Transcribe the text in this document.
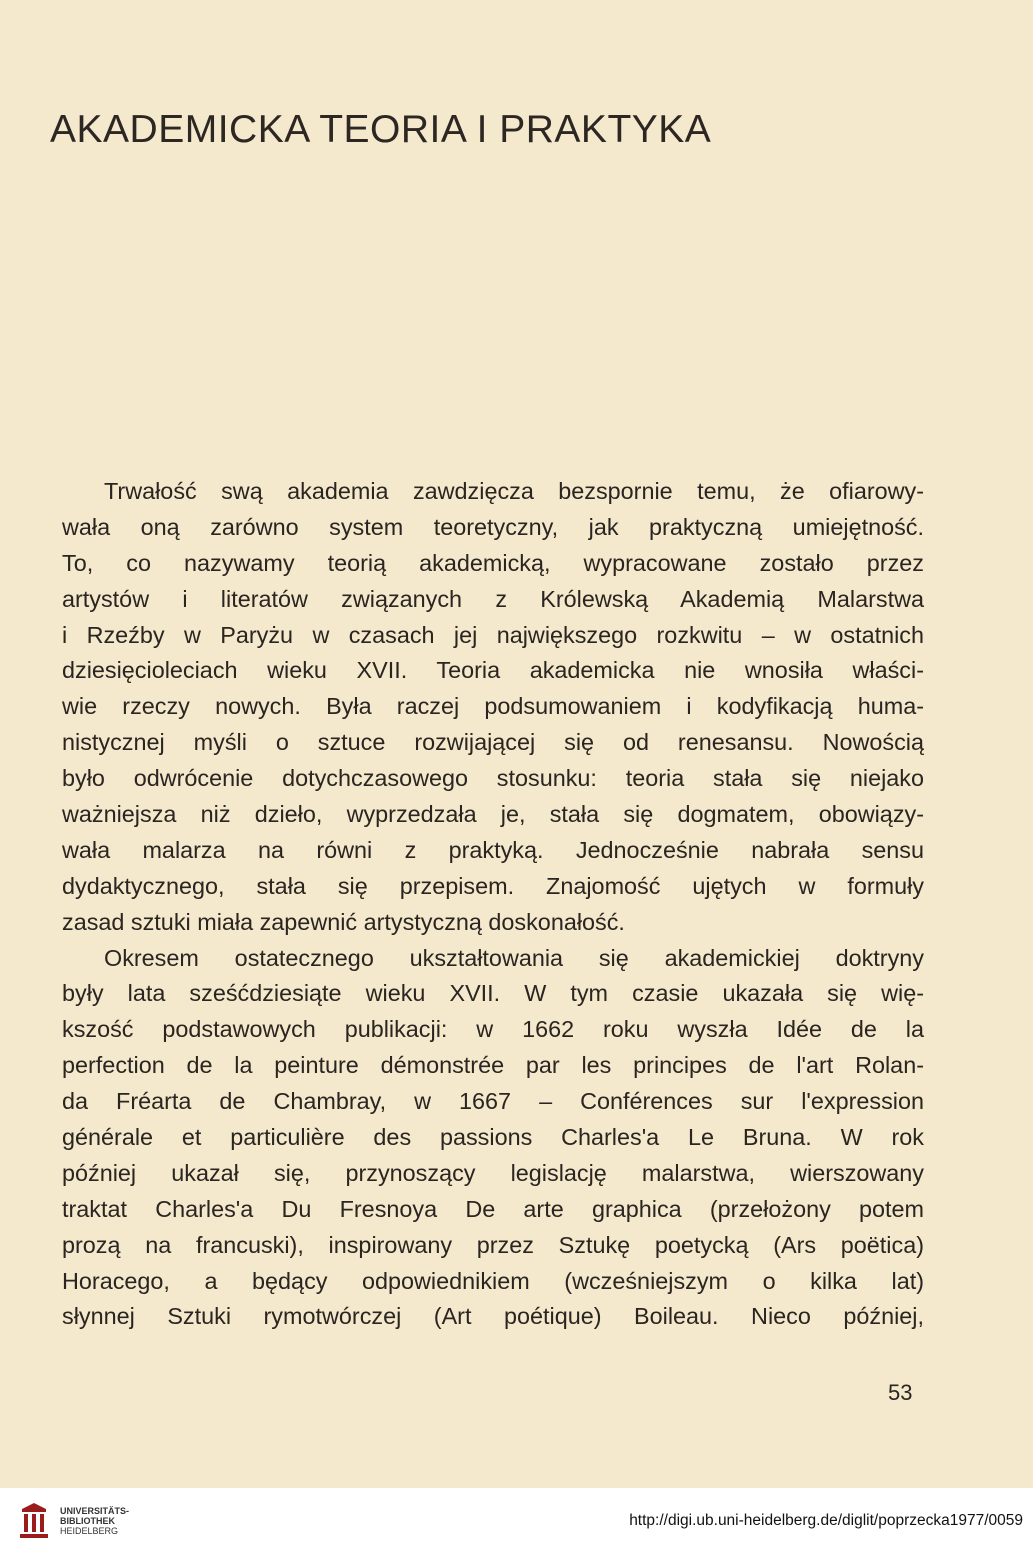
AKADEMICKA TEORIA I PRAKTYKA
Trwałość swą akademia zawdzięcza bezspornie temu, że ofiarowy-
wała oną zarówno system teoretyczny, jak praktyczną umiejętność.
To, co nazywamy teorią akademicką, wypracowane zostało przez
artystów i literatów związanych z Królewską Akademią Malarstwa
i Rzeźby w Paryżu w czasach jej największego rozkwitu – w ostatnich
dziesięcioleciach wieku XVII. Teoria akademicka nie wnosiła właści-
wie rzeczy nowych. Była raczej podsumowaniem i kodyfikacją huma-
nistycznej myśli o sztuce rozwijającej się od renesansu. Nowością
było odwrócenie dotychczasowego stosunku: teoria stała się niejako
ważniejsza niż dzieło, wyprzedzała je, stała się dogmatem, obowiązy-
wała malarza na równi z praktyką. Jednocześnie nabrała sensu
dydaktycznego, stała się przepisem. Znajomość ujętych w formuły
zasad sztuki miała zapewnić artystyczną doskonałość.
Okresem ostatecznego ukształtowania się akademickiej doktryny
były lata sześćdziesiąte wieku XVII. W tym czasie ukazała się wię-
kszość podstawowych publikacji: w 1662 roku wyszła Idée de la
perfection de la peinture démonstrée par les principes de l'art Rolan-
da Fréarta de Chambray, w 1667 – Conférences sur l'expression
générale et particulière des passions Charles'a Le Bruna. W rok
później ukazał się, przynoszący legislację malarstwa, wierszowany
traktat Charles'a Du Fresnoya De arte graphica (przełożony potem
prozą na francuski), inspirowany przez Sztukę poetycką (Ars poëtica)
Horacego, a będący odpowiednikiem (wcześniejszym o kilka lat)
słynnej Sztuki rymotwórczej (Art poétique) Boileau. Nieco później,
53
UNIVERSITÄTS-
BIBLIOTHEK
HEIDELBERG
http://digi.ub.uni-heidelberg.de/diglit/poprzecka1977/0059
